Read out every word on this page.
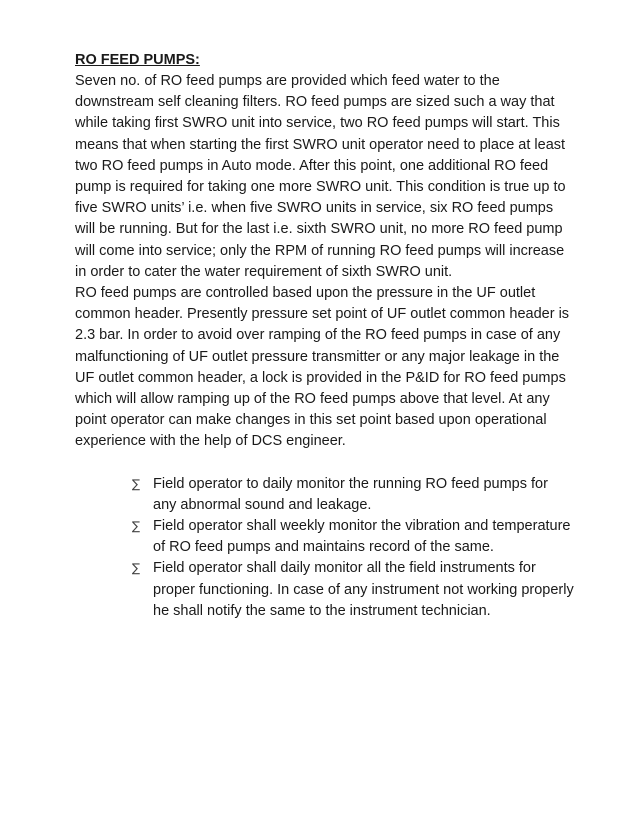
RO FEED PUMPS:

Seven no. of RO feed pumps are provided which feed water to the downstream self cleaning filters. RO feed pumps are sized such a way that while taking first SWRO unit into service, two RO feed pumps will start. This means that when starting the first SWRO unit operator need to place at least two RO feed pumps in Auto mode. After this point, one additional RO feed pump is required for taking one more SWRO unit. This condition is true up to five SWRO units’ i.e. when five SWRO units in service, six RO feed pumps will be running. But for the last i.e. sixth SWRO unit, no more RO feed pump will come into service; only the RPM of running RO feed pumps will increase in order to cater the water requirement of sixth SWRO unit.

RO feed pumps are controlled based upon the pressure in the UF outlet common header. Presently pressure set point of UF outlet common header is 2.3 bar. In order to avoid over ramping of the RO feed pumps in case of any malfunctioning of UF outlet pressure transmitter or any major leakage in the UF outlet common header, a lock is provided in the P&ID for RO feed pumps which will allow ramping up of the RO feed pumps above that level. At any point operator can make changes in this set point based upon operational experience with the help of DCS engineer.

∑ Field operator to daily monitor the running RO feed pumps for any abnormal sound and leakage.
∑ Field operator shall weekly monitor the vibration and temperature of RO feed pumps and maintains record of the same.
∑ Field operator shall daily monitor all the field instruments for proper functioning. In case of any instrument not working properly he shall notify the same to the instrument technician.
